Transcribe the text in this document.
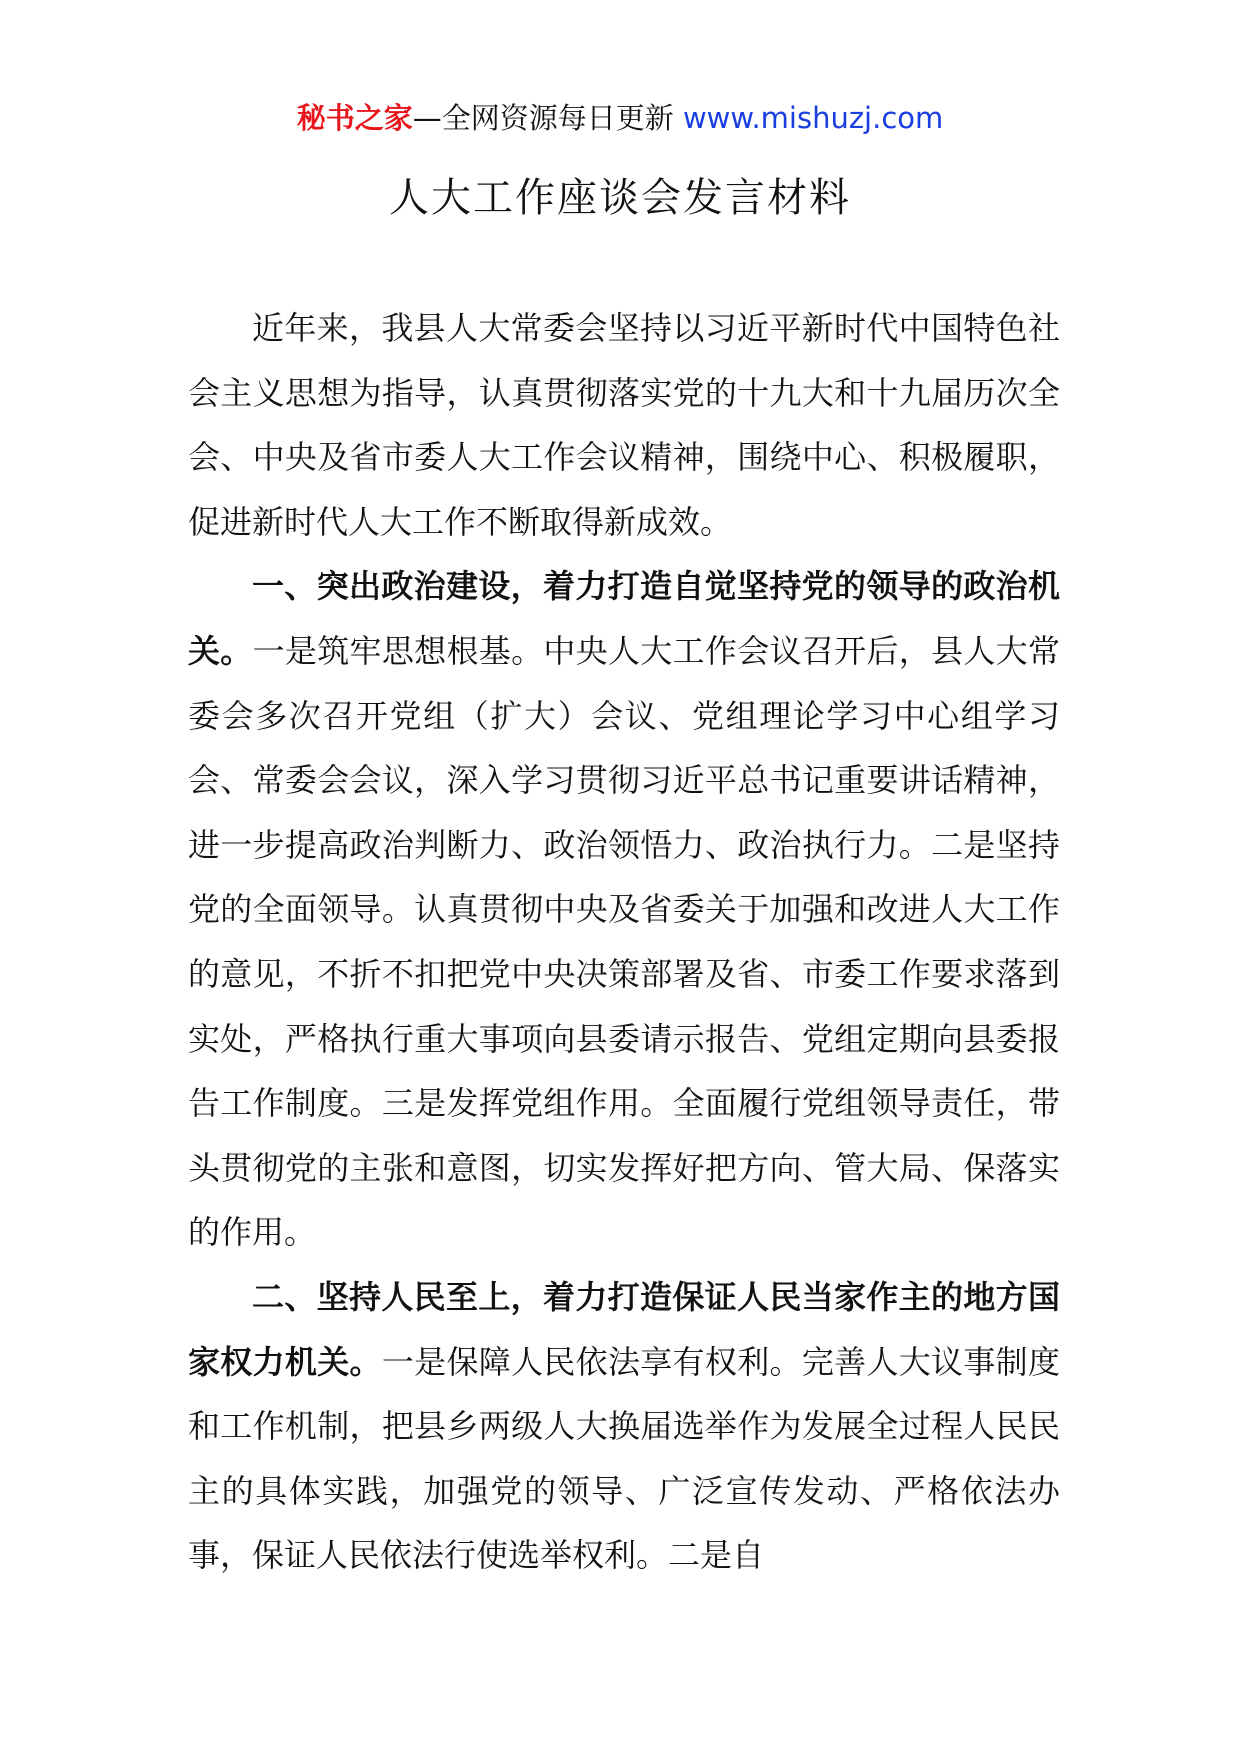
秘书之家—全网资源每日更新 www.mishuzj.com
人大工作座谈会发言材料

近年来，我县人大常委会坚持以习近平新时代中国特色社会主义思想为指导，认真贯彻落实党的十九大和十九届历次全会、中央及省市委人大工作会议精神，围绕中心、积极履职，促进新时代人大工作不断取得新成效。

一、突出政治建设，着力打造自觉坚持党的领导的政治机关。一是筑牢思想根基。中央人大工作会议召开后，县人大常委会多次召开党组（扩大）会议、党组理论学习中心组学习会、常委会会议，深入学习贯彻习近平总书记重要讲话精神，进一步提高政治判断力、政治领悟力、政治执行力。二是坚持党的全面领导。认真贯彻中央及省委关于加强和改进人大工作的意见，不折不扣把党中央决策部署及省、市委工作要求落到实处，严格执行重大事项向县委请示报告、党组定期向县委报告工作制度。三是发挥党组作用。全面履行党组领导责任，带头贯彻党的主张和意图，切实发挥好把方向、管大局、保落实的作用。

二、坚持人民至上，着力打造保证人民当家作主的地方国家权力机关。一是保障人民依法享有权利。完善人大议事制度和工作机制，把县乡两级人大换届选举作为发展全过程人民民主的具体实践，加强党的领导、广泛宣传发动、严格依法办事，保证人民依法行使选举权利。二是自
